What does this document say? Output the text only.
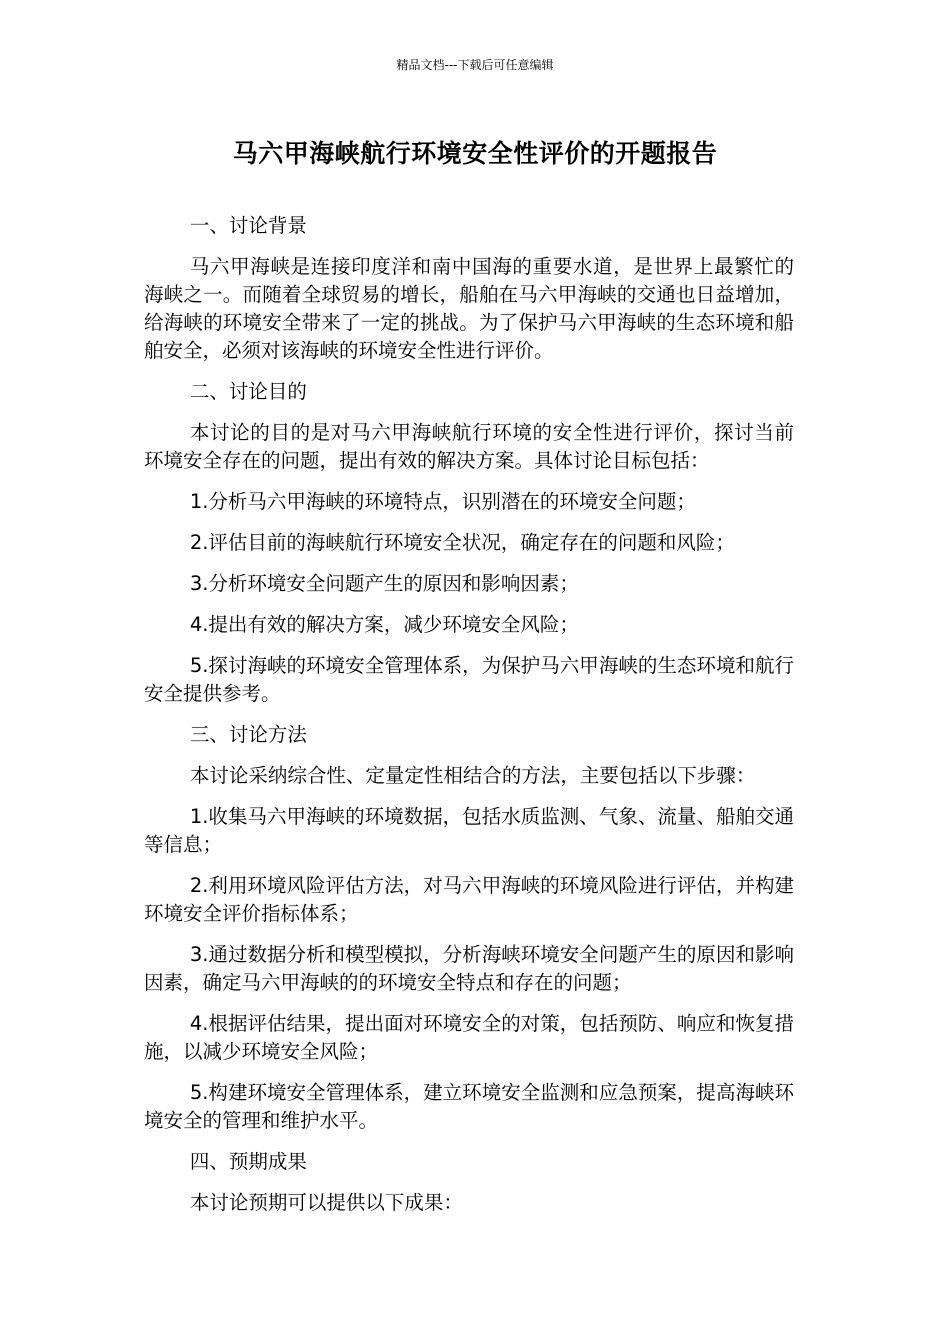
精品文档---下载后可任意编辑
马六甲海峡航行环境安全性评价的开题报告

一、讨论背景

马六甲海峡是连接印度洋和南中国海的重要水道，是世界上最繁忙的海峡之一。而随着全球贸易的增长，船舶在马六甲海峡的交通也日益增加，给海峡的环境安全带来了一定的挑战。为了保护马六甲海峡的生态环境和船舶安全，必须对该海峡的环境安全性进行评价。

二、讨论目的

本讨论的目的是对马六甲海峡航行环境的安全性进行评价，探讨当前环境安全存在的问题，提出有效的解决方案。具体讨论目标包括：

1.分析马六甲海峡的环境特点，识别潜在的环境安全问题；

2.评估目前的海峡航行环境安全状况，确定存在的问题和风险；

3.分析环境安全问题产生的原因和影响因素；

4.提出有效的解决方案，减少环境安全风险；

5.探讨海峡的环境安全管理体系，为保护马六甲海峡的生态环境和航行安全提供参考。

三、讨论方法

本讨论采纳综合性、定量定性相结合的方法，主要包括以下步骤：

1.收集马六甲海峡的环境数据，包括水质监测、气象、流量、船舶交通等信息；

2.利用环境风险评估方法，对马六甲海峡的环境风险进行评估，并构建环境安全评价指标体系；

3.通过数据分析和模型模拟，分析海峡环境安全问题产生的原因和影响因素，确定马六甲海峡的的环境安全特点和存在的问题；

4.根据评估结果，提出面对环境安全的对策，包括预防、响应和恢复措施，以减少环境安全风险；

5.构建环境安全管理体系，建立环境安全监测和应急预案，提高海峡环境安全的管理和维护水平。

四、预期成果

本讨论预期可以提供以下成果：
